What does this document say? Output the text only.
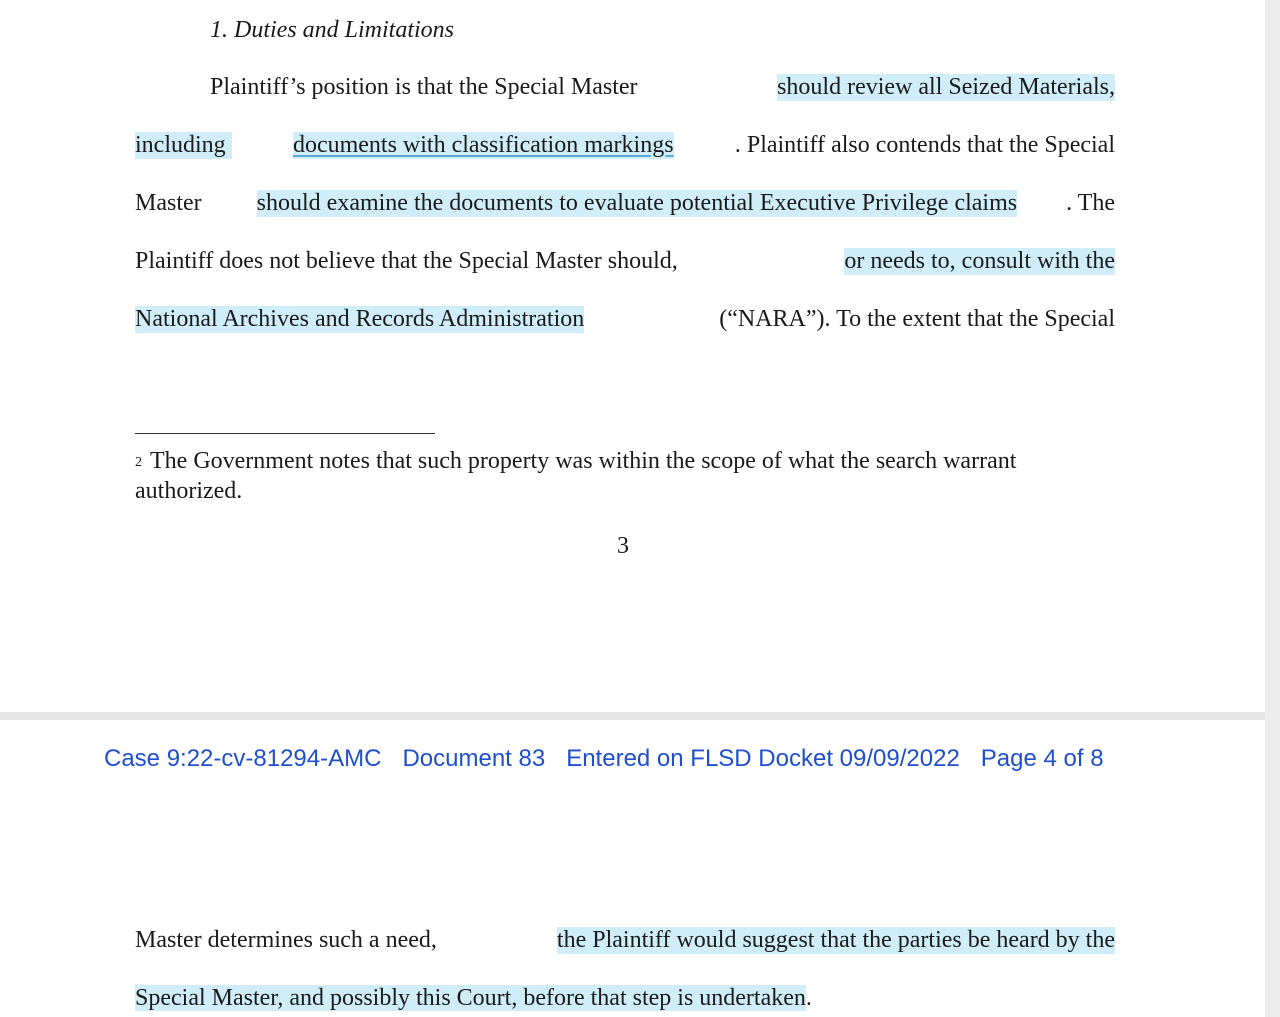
1. Duties and Limitations
Plaintiff’s position is that the Special Master	should review all Seized Materials,
including	documents with classification markings	. Plaintiff also contends that the Special
Master should examine the documents to evaluate potential Executive Privilege claims . The
Plaintiff does not believe that the Special Master should,	or needs to, consult with the
National Archives and Records Administration	(“NARA”). To the extent that the Special
$^2$ The Government notes that such property was within the scope of what the search warrant authorized.
3
Case 9:22-cv-81294-AMC Document 83 Entered on FLSD Docket 09/09/2022 Page 4 of 8
Master determines such a need,	the Plaintiff would suggest that the parties be heard by the
Special Master, and possibly this Court, before that step is undertaken.
